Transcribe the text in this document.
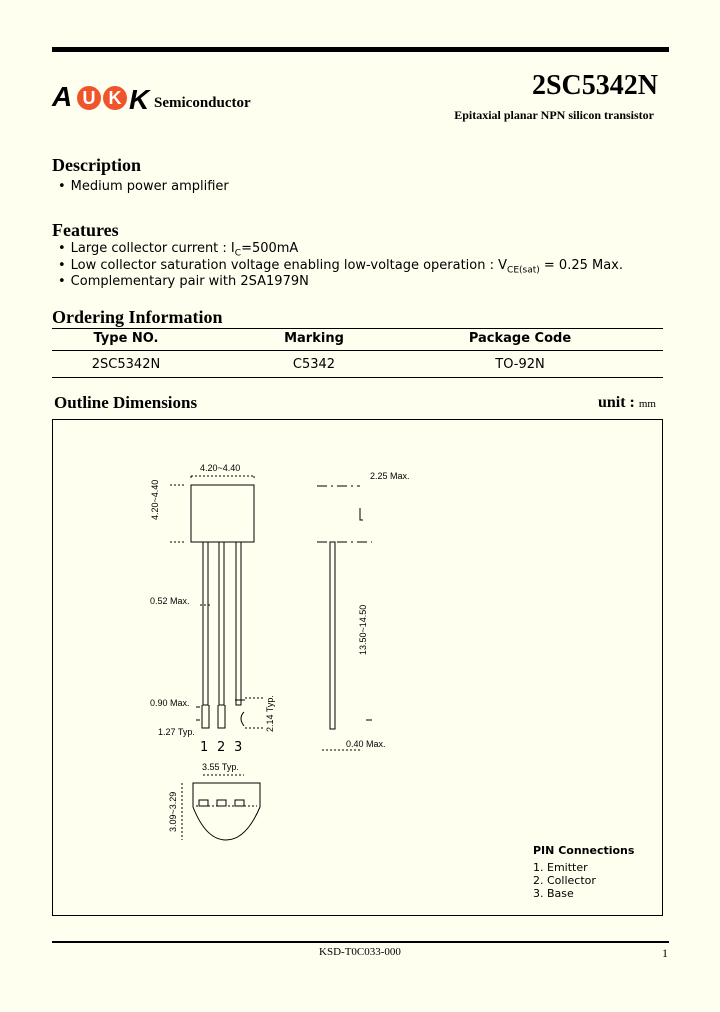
A U K K Semiconductor
2SC5342N
Epitaxial planar NPN silicon transistor
Description
• Medium power amplifier
Features
• Large collector current : $I_C=500mA$
• Low collector saturation voltage enabling low-voltage operation : $V_{CE(sat)} = 0.25$ Max.
• Complementary pair with 2SA1979N
Ordering Information
Type NO.	Marking	Package Code
2SC5342N	C5342	TO-92N
Outline Dimensions	unit : mm
4.20~4.40
4.20~4.40
0.52 Max.
0.90 Max.
1.27 Typ.	2.14 Typ.
2.25 Max.
13.50~14.50
0.40 Max.
3.55 Typ.
3.09~3.29
1 2 3
PIN Connections
1. Emitter
2. Collector
3. Base
KSD-T0C033-000	1
